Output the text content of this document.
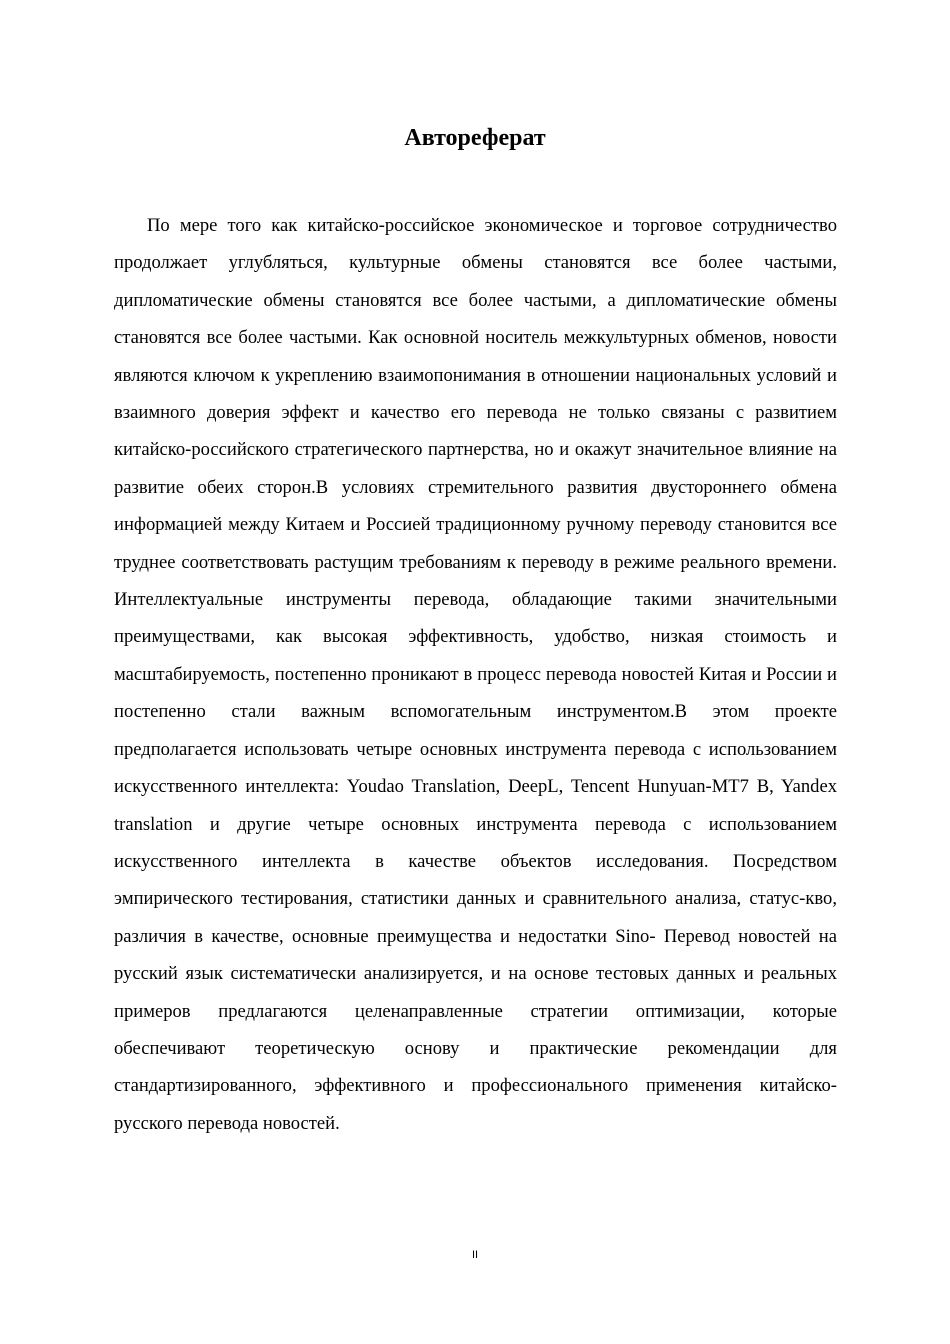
Автореферат

По мере того как китайско-российское экономическое и торговое сотрудничество продолжает углубляться, культурные обмены становятся все более частыми, дипломатические обмены становятся все более частыми, а дипломатические обмены становятся все более частыми. Как основной носитель межкультурных обменов, новости являются ключом к укреплению взаимопонимания в отношении национальных условий и взаимного доверия эффект и качество его перевода не только связаны с развитием китайско-российского стратегического партнерства, но и окажут значительное влияние на развитие обеих сторон.В условиях стремительного развития двустороннего обмена информацией между Китаем и Россией традиционному ручному переводу становится все труднее соответствовать растущим требованиям к переводу в режиме реального времени. Интеллектуальные инструменты перевода, обладающие такими значительными преимуществами, как высокая эффективность, удобство, низкая стоимость и масштабируемость, постепенно проникают в процесс перевода новостей Китая и России и постепенно стали важным вспомогательным инструментом.В этом проекте предполагается использовать четыре основных инструмента перевода с использованием искусственного интеллекта: Youdao Translation, DeepL, Tencent Hunyuan-MT7 B, Yandex translation и другие четыре основных инструмента перевода с использованием искусственного интеллекта в качестве объектов исследования. Посредством эмпирического тестирования, статистики данных и сравнительного анализа, статус-кво, различия в качестве, основные преимущества и недостатки Sino- Перевод новостей на русский язык систематически анализируется, и на основе тестовых данных и реальных примеров предлагаются целенаправленные стратегии оптимизации, которые обеспечивают теоретическую основу и практические рекомендации для стандартизированного, эффективного и профессионального применения китайско-русского перевода новостей.

II
